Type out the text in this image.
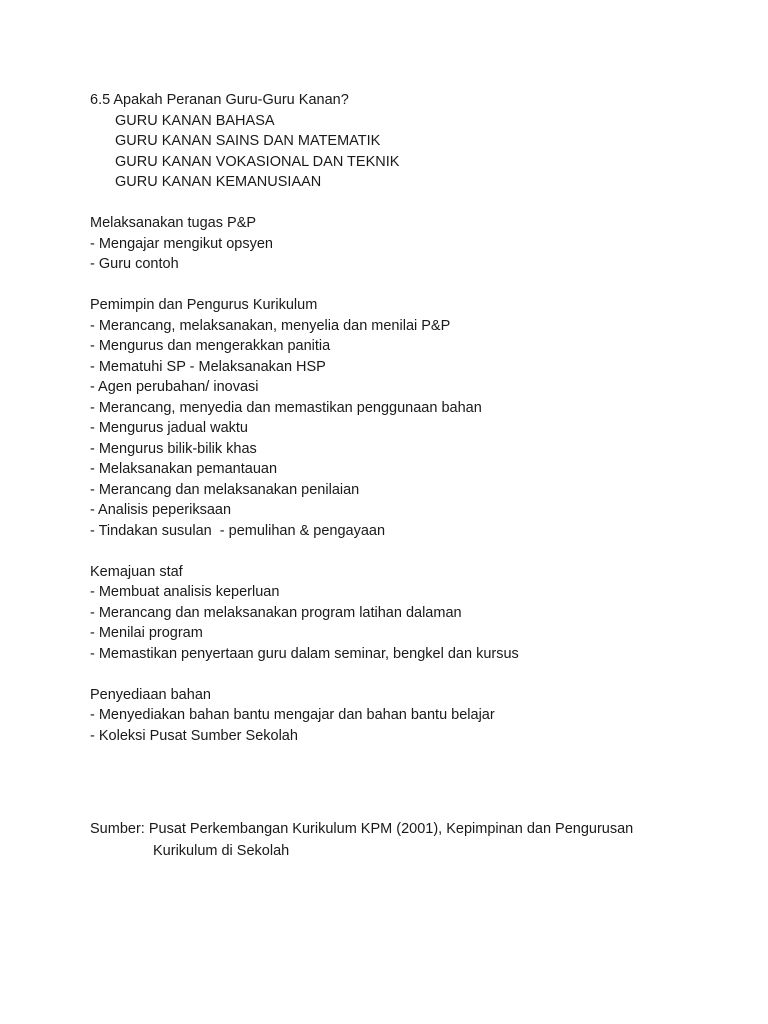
6.5 Apakah Peranan Guru-Guru Kanan?
GURU KANAN BAHASA
GURU KANAN SAINS DAN MATEMATIK
GURU KANAN VOKASIONAL DAN TEKNIK
GURU KANAN KEMANUSIAAN
Melaksanakan tugas P&P
- Mengajar mengikut opsyen
- Guru contoh
Pemimpin dan Pengurus Kurikulum
- Merancang, melaksanakan, menyelia dan menilai P&P
- Mengurus dan mengerakkan panitia
- Mematuhi SP - Melaksanakan HSP
- Agen perubahan/ inovasi
- Merancang, menyedia dan memastikan penggunaan bahan
- Mengurus jadual waktu
- Mengurus bilik-bilik khas
- Melaksanakan pemantauan
- Merancang dan melaksanakan penilaian
- Analisis peperiksaan
- Tindakan susulan  - pemulihan & pengayaan
Kemajuan staf
- Membuat analisis keperluan
- Merancang dan melaksanakan program latihan dalaman
- Menilai program
- Memastikan penyertaan guru dalam seminar, bengkel dan kursus
Penyediaan bahan
- Menyediakan bahan bantu mengajar dan bahan bantu belajar
- Koleksi Pusat Sumber Sekolah
Sumber: Pusat Perkembangan Kurikulum KPM (2001), Kepimpinan dan Pengurusan
Kurikulum di Sekolah
